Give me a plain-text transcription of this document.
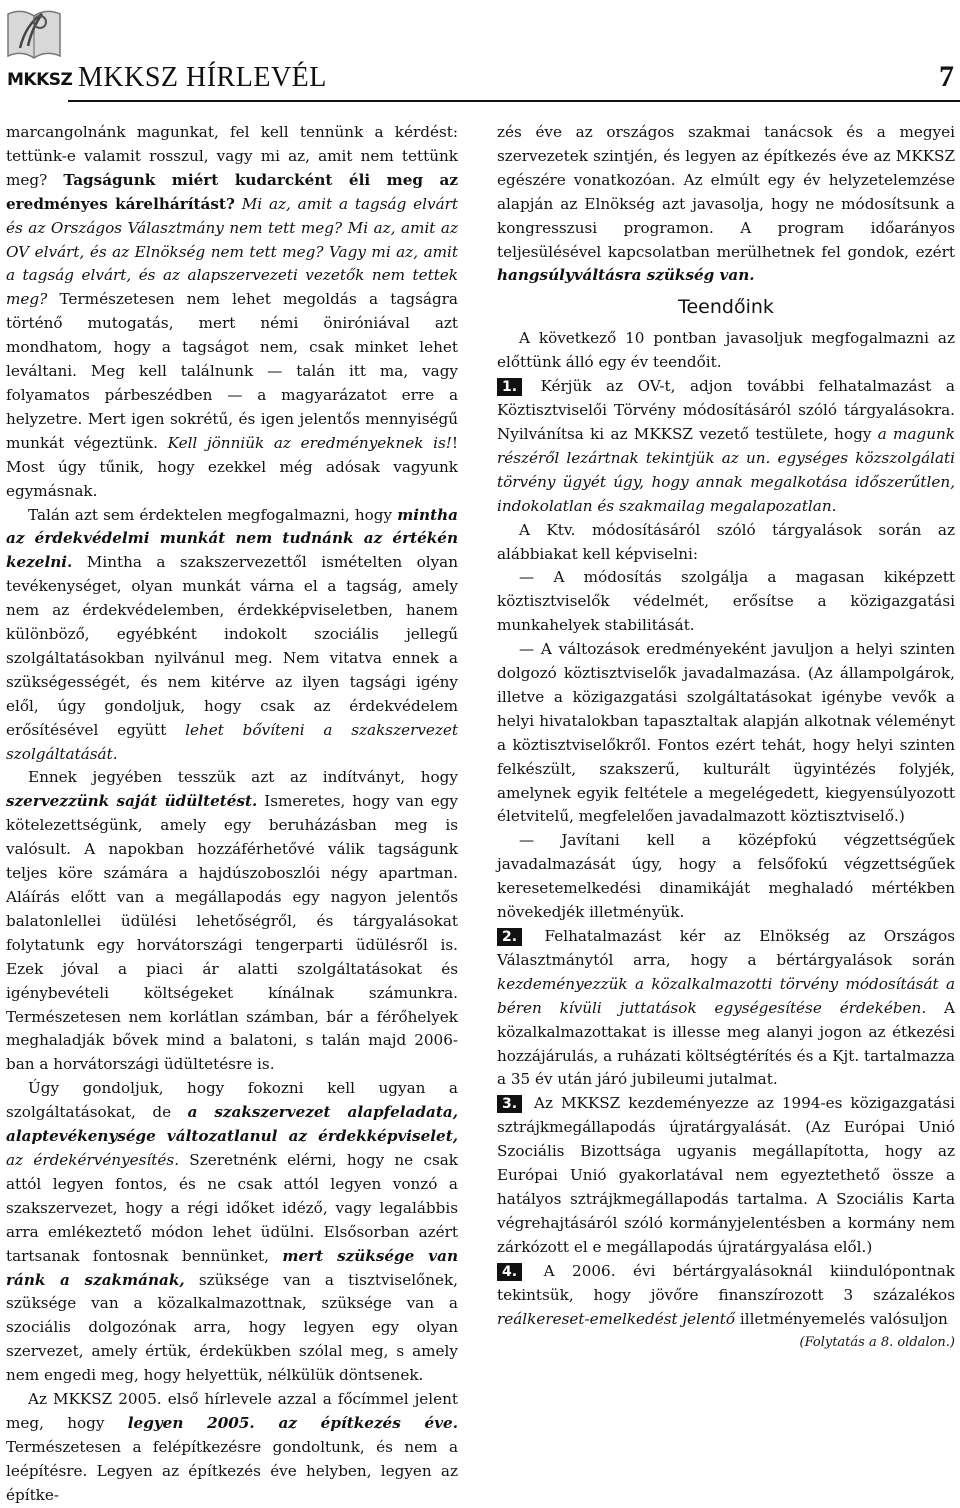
MKKSZ MKKSZ HÍRLEVÉL	7

marcangolnánk magunkat, fel kell tennünk a kérdést: tettünk-e valamit rosszul, vagy mi az, amit nem tettünk meg? Tagságunk miért kudarcként éli meg az eredményes kárelhárítást? Mi az, amit a tagság elvárt és az Országos Választmány nem tett meg? Mi az, amit az OV elvárt, és az Elnökség nem tett meg? Vagy mi az, amit a tagság elvárt, és az alapszervezeti vezetők nem tettek meg? Természetesen nem lehet megoldás a tagságra történő mutogatás, mert némi öniróniával azt mondhatom, hogy a tagságot nem, csak minket lehet leváltani. Meg kell találnunk — talán itt ma, vagy folyamatos párbeszédben — a magyarázatot erre a helyzetre. Mert igen sokrétű, és igen jelentős mennyiségű munkát végeztünk. Kell jönniük az eredményeknek is!! Most úgy tűnik, hogy ezekkel még adósak vagyunk egymásnak.

Talán azt sem érdektelen megfogalmazni, hogy mintha az érdekvédelmi munkát nem tudnánk az értékén kezelni. Mintha a szakszervezettől ismételten olyan tevékenységet, olyan munkát várna el a tagság, amely nem az érdekvédelemben, érdekképviseletben, hanem különböző, egyébként indokolt szociális jellegű szolgáltatásokban nyilvánul meg. Nem vitatva ennek a szükségességét, és nem kitérve az ilyen tagsági igény elől, úgy gondoljuk, hogy csak az érdekvédelem erősítésével együtt lehet bővíteni a szakszervezet szolgáltatását.

Ennek jegyében tesszük azt az indítványt, hogy szervezzünk saját üdültetést. Ismeretes, hogy van egy kötelezettségünk, amely egy beruházásban meg is valósult. A napokban hozzáférhetővé válik tagságunk teljes köre számára a hajdúszoboszlói négy apartman. Aláírás előtt van a megállapodás egy nagyon jelentős balatonlellei üdülési lehetőségről, és tárgyalásokat folytatunk egy horvátországi tengerparti üdülésről is. Ezek jóval a piaci ár alatti szolgáltatásokat és igénybevételi költségeket kínálnak számunkra. Természetesen nem korlátlan számban, bár a férőhelyek meghaladják bővek mind a balatoni, s talán majd 2006-ban a horvátországi üdültetésre is.

Úgy gondoljuk, hogy fokozni kell ugyan a szolgáltatásokat, de a szakszervezet alapfeladata, alaptevékenysége változatlanul az érdekképviselet, az érdekérvényesítés. Szeretnénk elérni, hogy ne csak attól legyen fontos, és ne csak attól legyen vonzó a szakszervezet, hogy a régi időket idéző, vagy legalábbis arra emlékeztető módon lehet üdülni. Elsősorban azért tartsanak fontosnak bennünket, mert szüksége van ránk a szakmának, szüksége van a tisztviselőnek, szüksége van a közalkalmazottnak, szüksége van a szociális dolgozónak arra, hogy legyen egy olyan szervezet, amely értük, érdekükben szólal meg, s amely nem engedi meg, hogy helyettük, nélkülük döntsenek.

Az MKKSZ 2005. első hírlevele azzal a főcímmel jelent meg, hogy legyen 2005. az építkezés éve. Természetesen a felépítkezésre gondoltunk, és nem a leépítésre. Legyen az építkezés éve helyben, legyen az építke-

zés éve az országos szakmai tanácsok és a megyei szervezetek szintjén, és legyen az építkezés éve az MKKSZ egészére vonatkozóan. Az elmúlt egy év helyzetelemzése alapján az Elnökség azt javasolja, hogy ne módosítsunk a kongresszusi programon. A program időarányos teljesülésével kapcsolatban merülhetnek fel gondok, ezért hangsúlyváltásra szükség van.

Teendőink

A következő 10 pontban javasoljuk megfogalmazni az előttünk álló egy év teendőit.

1. Kérjük az OV-t, adjon további felhatalmazást a Köztisztviselői Törvény módosításáról szóló tárgyalásokra. Nyilvánítsa ki az MKKSZ vezető testülete, hogy a magunk részéről lezártnak tekintjük az un. egységes közszolgálati törvény ügyét úgy, hogy annak megalkotása időszerűtlen, indokolatlan és szakmailag megalapozatlan.

A Ktv. módosításáról szóló tárgyalások során az alábbiakat kell képviselni:

— A módosítás szolgálja a magasan kiképzett köztisztviselők védelmét, erősítse a közigazgatási munkahelyek stabilitását.

— A változások eredményeként javuljon a helyi szinten dolgozó köztisztviselők javadalmazása. (Az állampolgárok, illetve a közigazgatási szolgáltatásokat igénybe vevők a helyi hivatalokban tapasztaltak alapján alkotnak véleményt a köztisztviselőkről. Fontos ezért tehát, hogy helyi szinten felkészült, szakszerű, kulturált ügyintézés folyjék, amelynek egyik feltétele a megelégedett, kiegyensúlyozott életvitelű, megfelelően javadalmazott köztisztviselő.)

— Javítani kell a középfokú végzettségűek javadalmazását úgy, hogy a felsőfokú végzettségűek keresetemelkedési dinamikáját meghaladó mértékben növekedjék illetményük.

2. Felhatalmazást kér az Elnökség az Országos Választmánytól arra, hogy a bértárgyalások során kezdeményezzük a közalkalmazotti törvény módosítását a béren kívüli juttatások egységesítése érdekében. A közalkalmazottakat is illesse meg alanyi jogon az étkezési hozzájárulás, a ruházati költségtérítés és a Kjt. tartalmazza a 35 év után járó jubileumi jutalmat.

3. Az MKKSZ kezdeményezze az 1994-es közigazgatási sztrájkmegállapodás újratárgyalását. (Az Európai Unió Szociális Bizottsága ugyanis megállapította, hogy az Európai Unió gyakorlatával nem egyeztethető össze a hatályos sztrájkmegállapodás tartalma. A Szociális Karta végrehajtásáról szóló kormányjelentésben a kormány nem zárkózott el e megállapodás újratárgyalása elől.)

4. A 2006. évi bértárgyalásoknál kiindulópontnak tekintsük, hogy jövőre finanszírozott 3 százalékos reálkereset-emelkedést jelentő illetményemelés valósuljon

(Folytatás a 8. oldalon.)
